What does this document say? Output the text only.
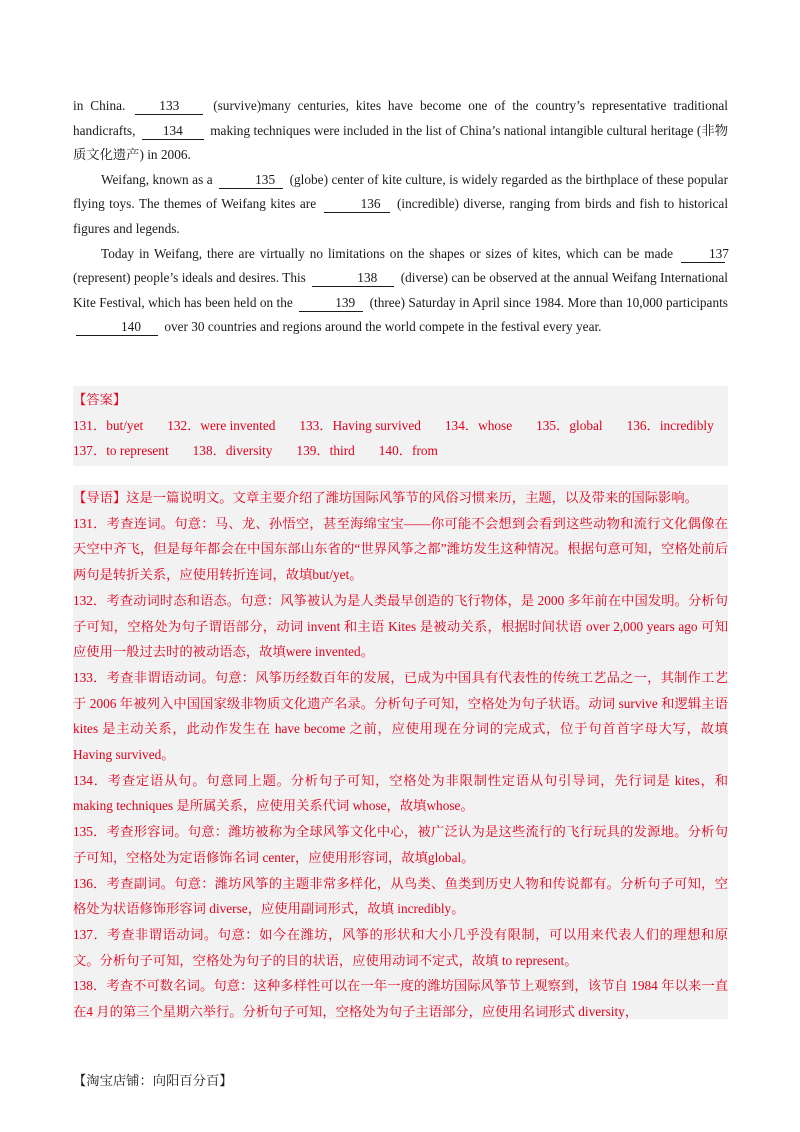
in China.	133	(survive)many centuries, kites have become one of the country’s representative traditional handicrafts, 134 making techniques were included in the list of China’s national intangible cultural heritage (非物质文化遗产) in 2006.

Weifang, known as a	135 (globe) center of kite culture, is widely regarded as the birthplace of these popular flying toys. The themes of Weifang kites are	136 (incredible) diverse, ranging from birds and fish to historical figures and legends.

Today in Weifang, there are virtually no limitations on the shapes or sizes of kites, which can be made	137 (represent) people’s ideals and desires. This	138 (diverse) can be observed at the annual Weifang International Kite Festival, which has been held on the	139 (three) Saturday in April since 1984. More than 10,000 participants 140 over 30 countries and regions around the world compete in the festival every year.

【答案】
131．but/yet 132．were invented 133．Having survived 134．whose 135．global 136．incredibly
137．to represent 138．diversity 139．third 140．from

【导语】这是一篇说明文。文章主要介绍了潍坊国际风筝节的风俗习惯来历，主题，以及带来的国际影响。

131．考查连词。句意：马、龙、孙悟空，甚至海绵宝宝——你可能不会想到会看到这些动物和流行文化偶像在天空中齐飞，但是每年都会在中国东部山东省的“世界风筝之都”潍坊发生这种情况。根据句意可知，空格处前后两句是转折关系，应使用转折连词，故填but/yet。

132．考查动词时态和语态。句意：风筝被认为是人类最早创造的飞行物体，是 2000 多年前在中国发明。分析句子可知，空格处为句子谓语部分，动词 invent 和主语 Kites 是被动关系，根据时间状语 over 2,000 years ago 可知应使用一般过去时的被动语态，故填were invented。

133．考查非谓语动词。句意：风筝历经数百年的发展，已成为中国具有代表性的传统工艺品之一，其制作工艺于 2006 年被列入中国国家级非物质文化遗产名录。分析句子可知，空格处为句子状语。动词 survive 和逻辑主语 kites 是主动关系，此动作发生在 have become 之前，应使用现在分词的完成式，位于句首首字母大写，故填Having survived。

134．考查定语从句。句意同上题。分析句子可知，空格处为非限制性定语从句引导词，先行词是 kites，和 making techniques 是所属关系，应使用关系代词 whose，故填whose。

135．考查形容词。句意：潍坊被称为全球风筝文化中心，被广泛认为是这些流行的飞行玩具的发源地。分析句子可知，空格处为定语修饰名词 center，应使用形容词，故填global。

136．考查副词。句意：潍坊风筝的主题非常多样化，从鸟类、鱼类到历史人物和传说都有。分析句子可知，空格处为状语修饰形容词 diverse，应使用副词形式，故填 incredibly。

137．考查非谓语动词。句意：如今在潍坊，风筝的形状和大小几乎没有限制，可以用来代表人们的理想和原文。分析句子可知，空格处为句子的目的状语，应使用动词不定式，故填 to represent。

138．考查不可数名词。句意：这种多样性可以在一年一度的潍坊国际风筝节上观察到，该节自 1984 年以来一直在4 月的第三个星期六举行。分析句子可知，空格处为句子主语部分，应使用名词形式 diversity，

【淘宝店铺：向阳百分百】
